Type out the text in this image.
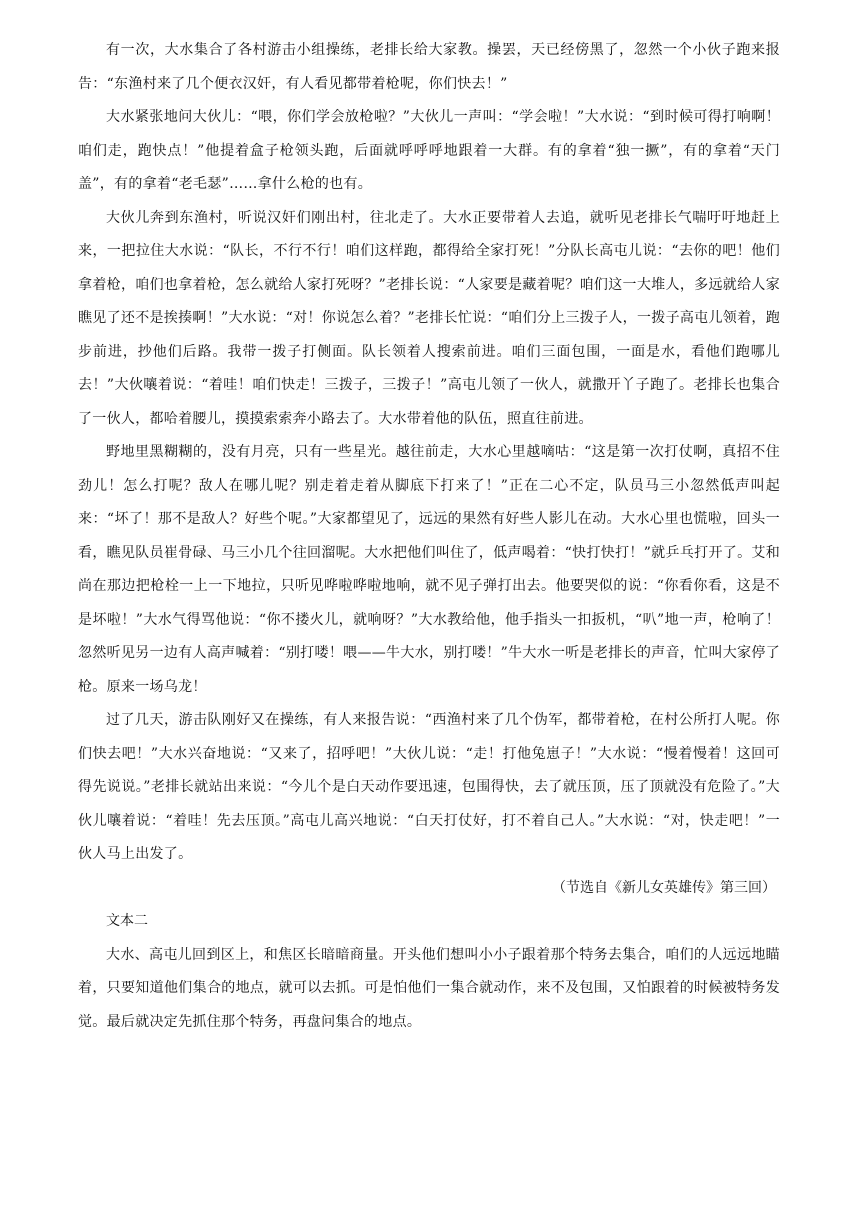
有一次，大水集合了各村游击小组操练，老排长给大家教。操罢，天已经傍黑了，忽然一个小伙子跑来报告：“东渔村来了几个便衣汉奸，有人看见都带着枪呢，你们快去！”

大水紧张地问大伙儿：“喂，你们学会放枪啦？”大伙儿一声叫：“学会啦！”大水说：“到时候可得打响啊！咱们走，跑快点！”他提着盒子枪领头跑，后面就呼呼呼地跟着一大群。有的拿着“独一撅”，有的拿着“天门盖”，有的拿着“老毛瑟”……拿什么枪的也有。

大伙儿奔到东渔村，听说汉奸们刚出村，往北走了。大水正要带着人去追，就听见老排长气喘吁吁地赶上来，一把拉住大水说：“队长，不行不行！咱们这样跑，都得给全家打死！”分队长高屯儿说：“去你的吧！他们拿着枪，咱们也拿着枪，怎么就给人家打死呀？”老排长说：“人家要是藏着呢？咱们这一大堆人，多远就给人家瞧见了还不是挨揍啊！”大水说：“对！你说怎么着？”老排长忙说：“咱们分上三拨子人，一拨子高屯儿领着，跑步前进，抄他们后路。我带一拨子打侧面。队长领着人搜索前进。咱们三面包围，一面是水，看他们跑哪儿去！”大伙嚷着说：“着哇！咱们快走！三拨子，三拨子！”高屯儿领了一伙人，就撒开丫子跑了。老排长也集合了一伙人，都哈着腰儿，摸摸索索奔小路去了。大水带着他的队伍，照直往前进。

野地里黑糊糊的，没有月亮，只有一些星光。越往前走，大水心里越嘀咕：“这是第一次打仗啊，真招不住劲儿！怎么打呢？敌人在哪儿呢？别走着走着从脚底下打来了！”正在二心不定，队员马三小忽然低声叫起来：“坏了！那不是敌人？好些个呢。”大家都望见了，远远的果然有好些人影儿在动。大水心里也慌啦，回头一看，瞧见队员崔骨碌、马三小几个往回溜呢。大水把他们叫住了，低声喝着：“快打快打！”就乒乓打开了。艾和尚在那边把枪栓一上一下地拉，只听见哗啦哗啦地响，就不见子弹打出去。他要哭似的说：“你看你看，这是不是坏啦！”大水气得骂他说：“你不搂火儿，就响呀？”大水教给他，他手指头一扣扳机，“叭”地一声，枪响了！忽然听见另一边有人高声喊着：“别打喽！喂——牛大水，别打喽！”牛大水一听是老排长的声音，忙叫大家停了枪。原来一场乌龙！

过了几天，游击队刚好又在操练，有人来报告说：“西渔村来了几个伪军，都带着枪，在村公所打人呢。你们快去吧！”大水兴奋地说：“又来了，招呼吧！”大伙儿说：“走！打他兔崽子！”大水说：“慢着慢着！这回可得先说说。”老排长就站出来说：“今儿个是白天动作要迅速，包围得快，去了就压顶，压了顶就没有危险了。”大伙儿嚷着说：“着哇！先去压顶。”高屯儿高兴地说：“白天打仗好，打不着自己人。”大水说：“对，快走吧！”一伙人马上出发了。

（节选自《新儿女英雄传》第三回）

文本二

大水、高屯儿回到区上，和焦区长暗暗商量。开头他们想叫小小子跟着那个特务去集合，咱们的人远远地瞄着，只要知道他们集合的地点，就可以去抓。可是怕他们一集合就动作，来不及包围，又怕跟着的时候被特务发觉。最后就决定先抓住那个特务，再盘问集合的地点。
